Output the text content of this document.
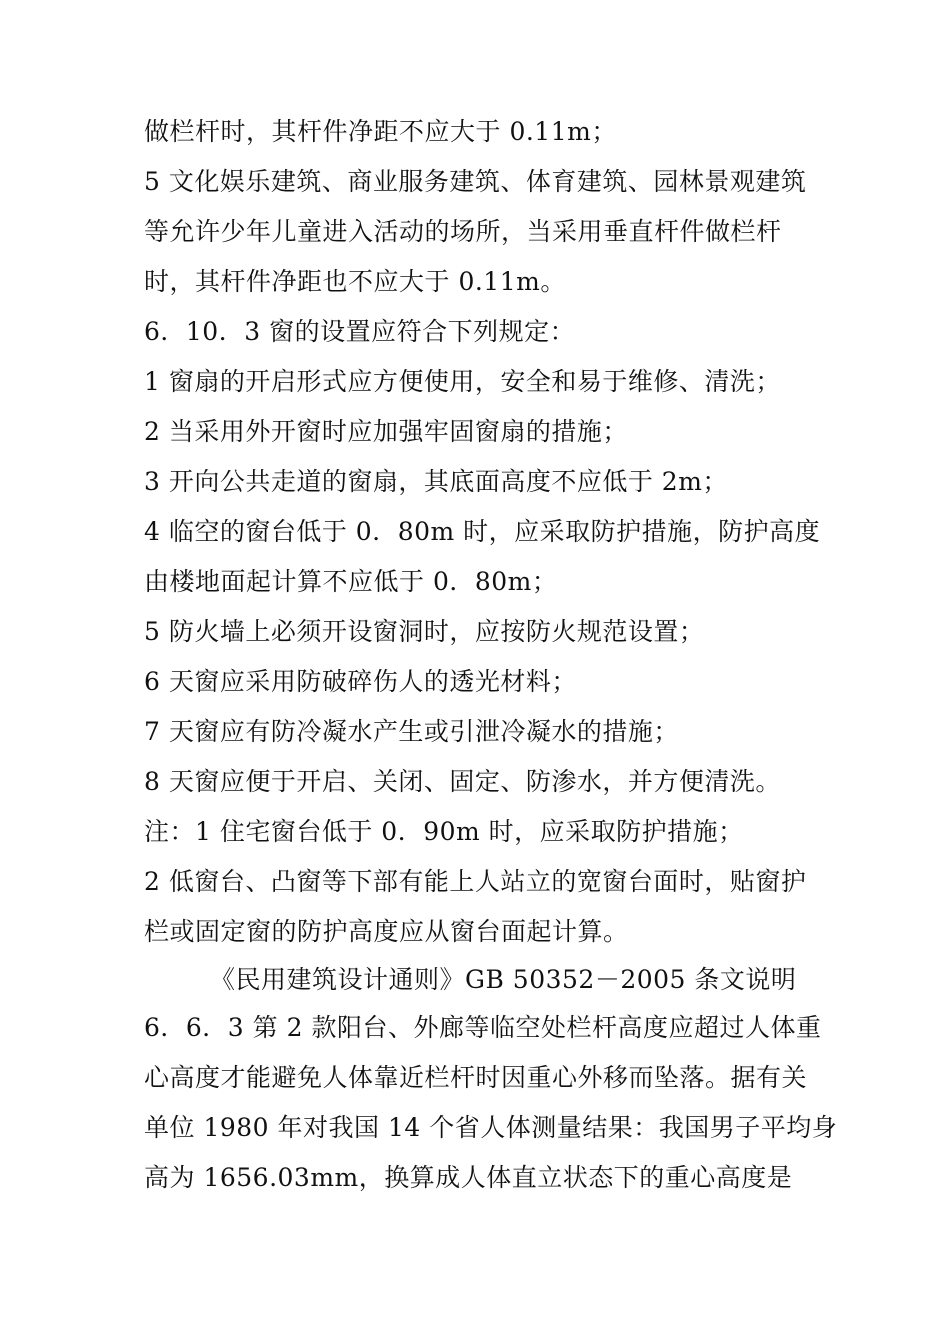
做栏杆时，其杆件净距不应大于 0.11m；
5 文化娱乐建筑、商业服务建筑、体育建筑、园林景观建筑
等允许少年儿童进入活动的场所，当采用垂直杆件做栏杆
时，其杆件净距也不应大于 0.11m。
6．10．3 窗的设置应符合下列规定：
1 窗扇的开启形式应方便使用，安全和易于维修、清洗；
2 当采用外开窗时应加强牢固窗扇的措施；
3 开向公共走道的窗扇，其底面高度不应低于 2m；
4 临空的窗台低于 0．80m 时，应采取防护措施，防护高度
由楼地面起计算不应低于 0．80m；
5 防火墙上必须开设窗洞时，应按防火规范设置；
6 天窗应采用防破碎伤人的透光材料；
7 天窗应有防冷凝水产生或引泄冷凝水的措施；
8 天窗应便于开启、关闭、固定、防渗水，并方便清洗。
注：1 住宅窗台低于 0．90m 时，应采取防护措施；
2 低窗台、凸窗等下部有能上人站立的宽窗台面时，贴窗护
栏或固定窗的防护高度应从窗台面起计算。
《民用建筑设计通则》GB 50352－2005 条文说明
6．6．3 第 2 款阳台、外廊等临空处栏杆高度应超过人体重
心高度才能避免人体靠近栏杆时因重心外移而坠落。据有关
单位 1980 年对我国 14 个省人体测量结果：我国男子平均身
高为 1656.03mm，换算成人体直立状态下的重心高度是
